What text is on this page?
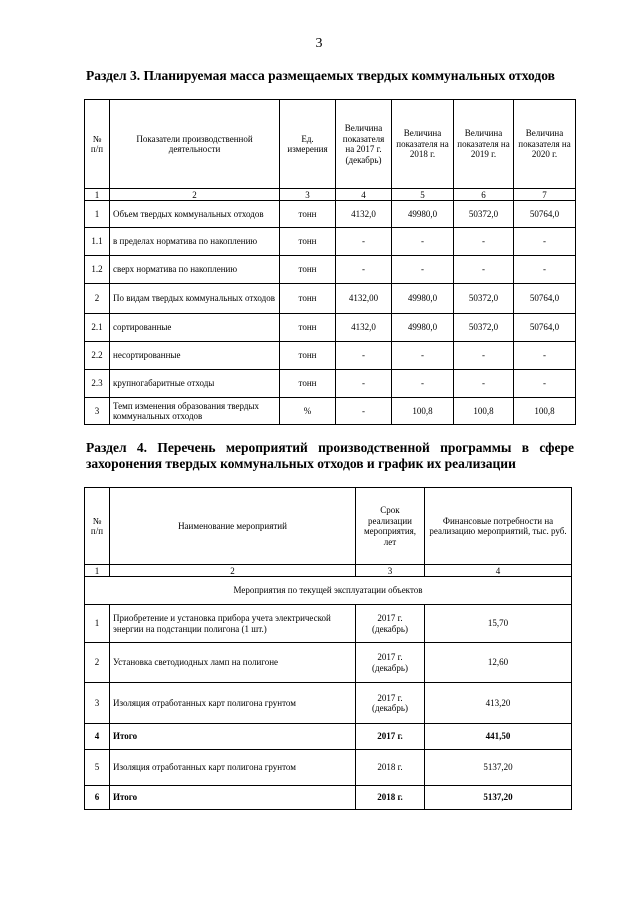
3
Раздел 3. Планируемая масса размещаемых твердых коммунальных отходов
№ п/п	Показатели производственной деятельности	Ед. измерения	Величина показателя на 2017 г. (декабрь)	Величина показателя на 2018 г.	Величина показателя на 2019 г.	Величина показателя на 2020 г.
1	2	3	4	5	6	7
1	Объем твердых коммунальных отходов	тонн	4132,0	49980,0	50372,0	50764,0
1.1	в пределах норматива по накоплению	тонн	-	-	-	-
1.2	сверх норматива по накоплению	тонн	-	-	-	-
2	По видам твердых коммунальных отходов	тонн	4132,00	49980,0	50372,0	50764,0
2.1	сортированные	тонн	4132,0	49980,0	50372,0	50764,0
2.2	несортированные	тонн	-	-	-	-
2.3	крупногабаритные отходы	тонн	-	-	-	-
3	Темп изменения образования твердых коммунальных отходов	%	-	100,8	100,8	100,8
Раздел 4. Перечень мероприятий производственной программы в сфере захоронения твердых коммунальных отходов и график их реализации
№ п/п	Наименование мероприятий	Срок реализации мероприятия, лет	Финансовые потребности на реализацию мероприятий, тыс. руб.
1	2	3	4
Мероприятия по текущей эксплуатации объектов			
1	Приобретение и установка прибора учета электрической энергии на подстанции полигона (1 шт.)	2017 г. (декабрь)	15,70
2	Установка светодиодных ламп на полигоне	2017 г. (декабрь)	12,60
3	Изоляция отработанных карт полигона грунтом	2017 г. (декабрь)	413,20
4	Итого	2017 г.	441,50
5	Изоляция отработанных карт полигона грунтом	2018 г.	5137,20
6	Итого	2018 г.	5137,20
